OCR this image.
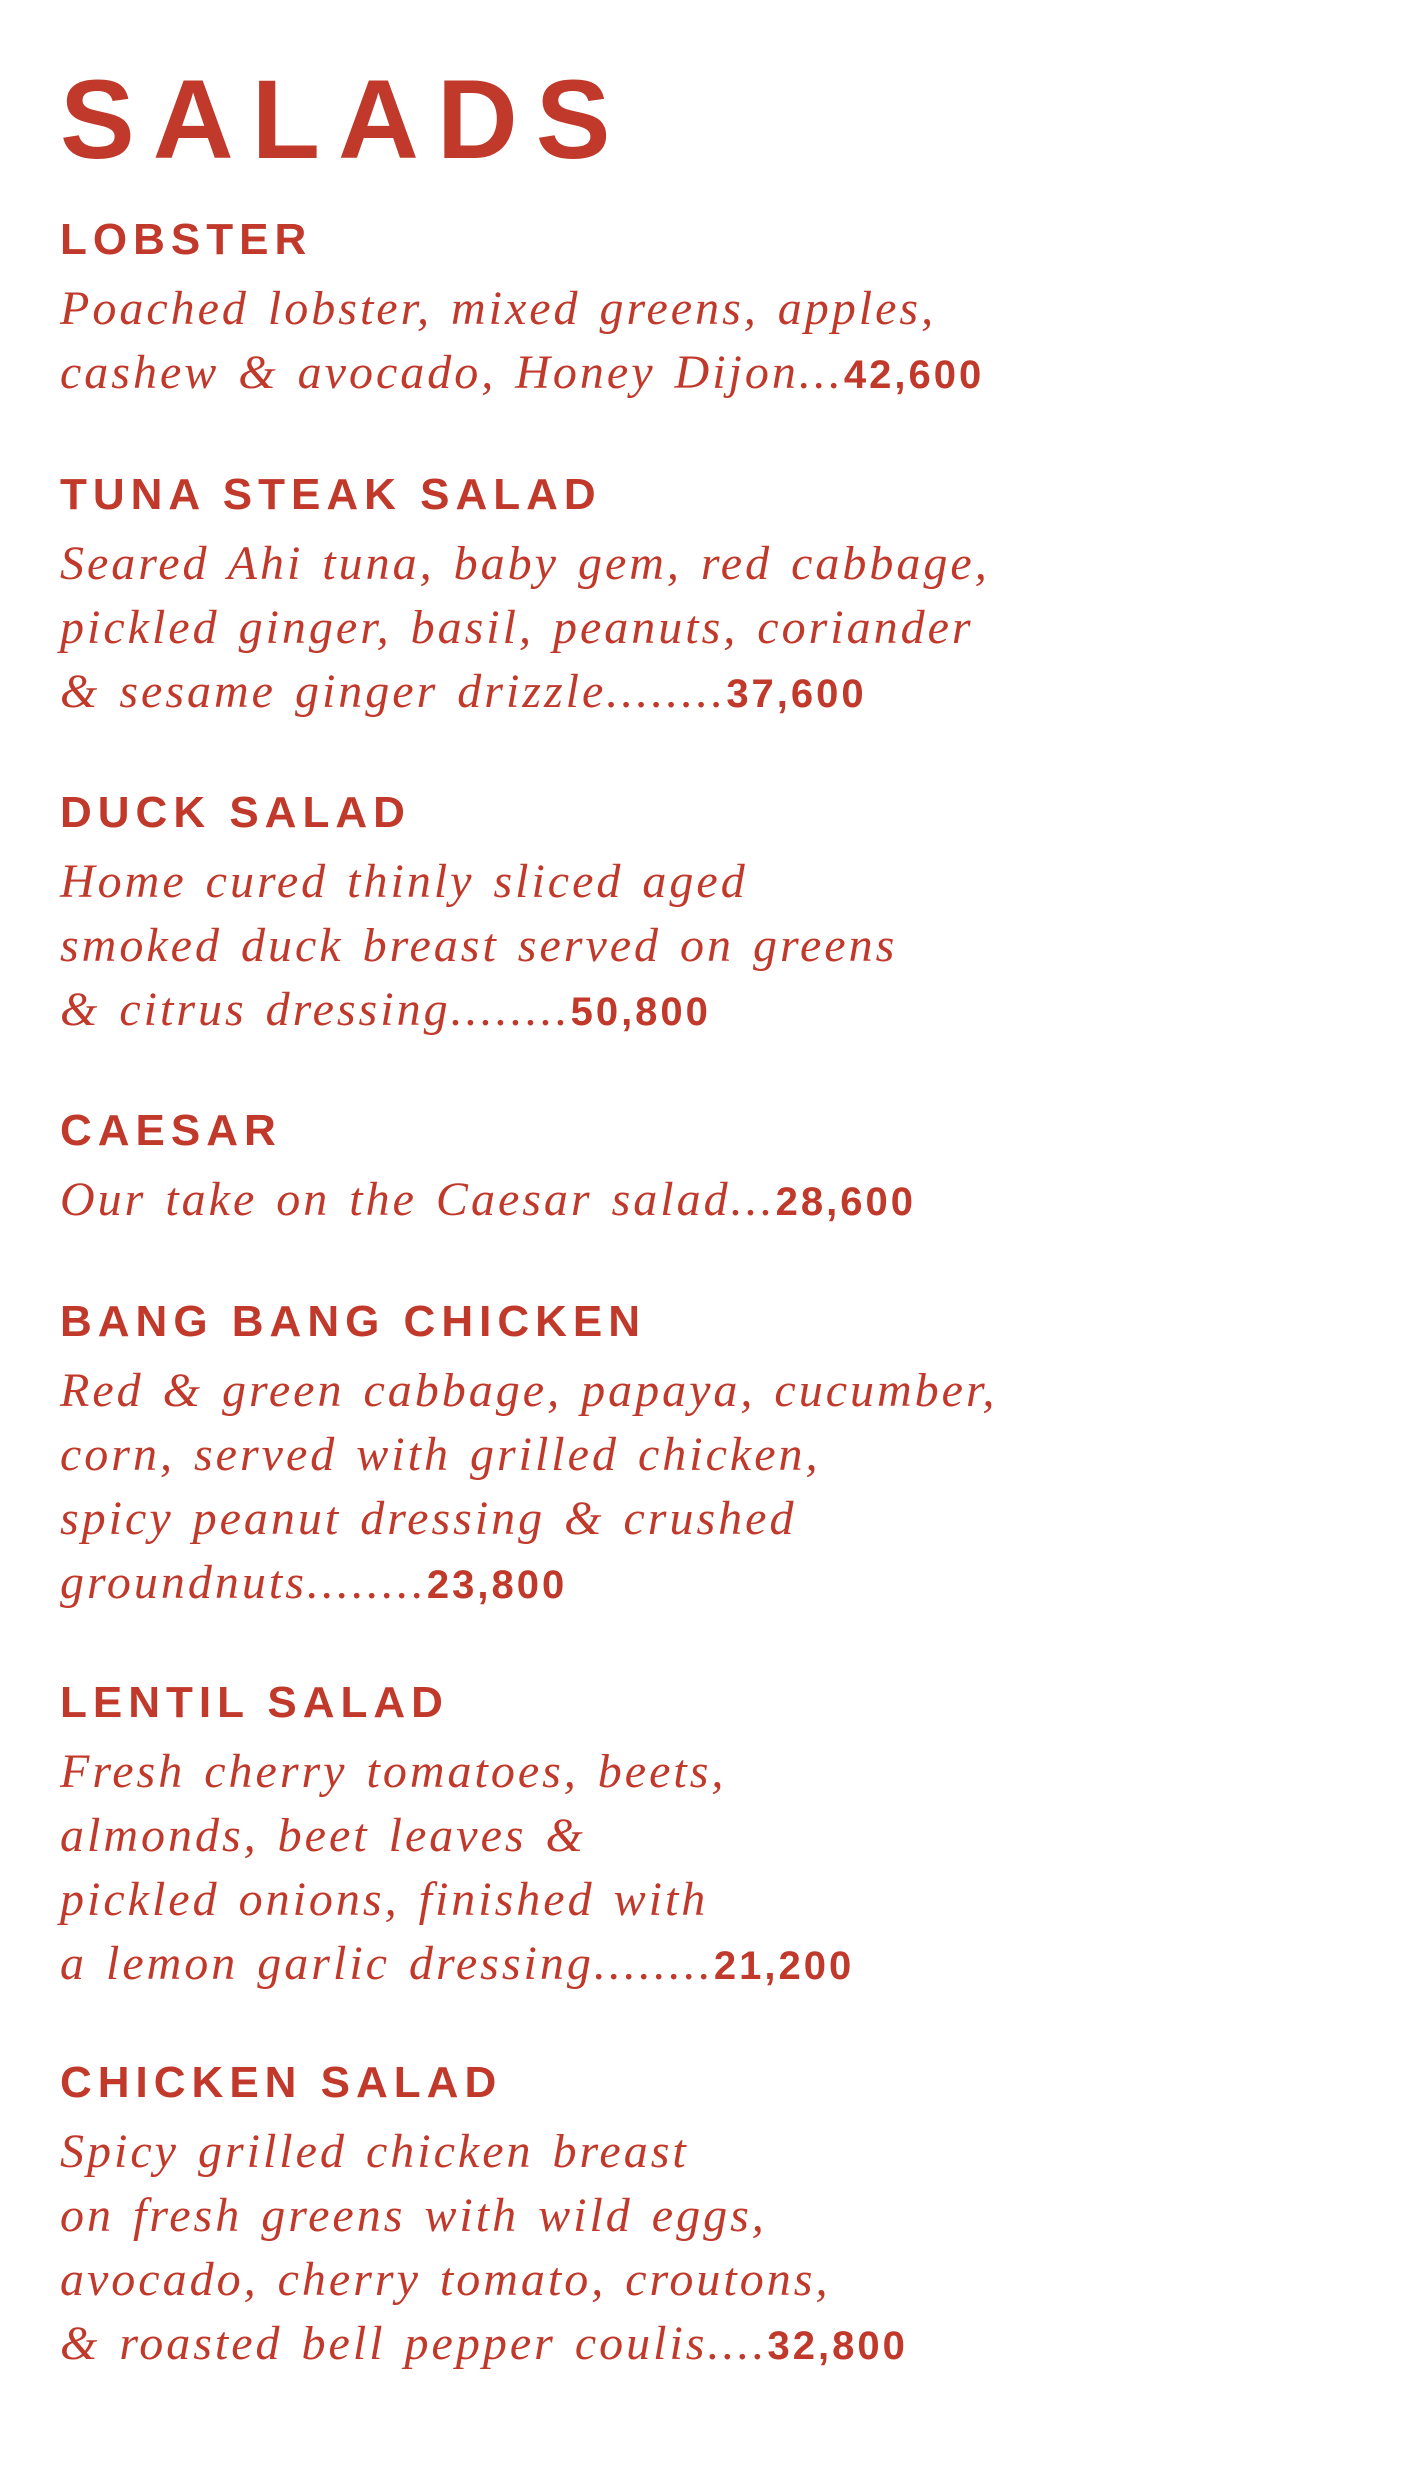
SALADS
LOBSTER

Poached lobster, mixed greens, apples,
cashew & avocado, Honey Dijon...42,600

TUNA STEAK SALAD

Seared Ahi tuna, baby gem, red cabbage,
pickled ginger, basil, peanuts, coriander
& sesame ginger drizzle........37,600

DUCK SALAD

Home cured thinly sliced aged
smoked duck breast served on greens
& citrus dressing........50,800

CAESAR

Our take on the Caesar salad...28,600

BANG BANG CHICKEN

Red & green cabbage, papaya, cucumber,
corn, served with grilled chicken,
spicy peanut dressing & crushed
groundnuts........23,800

LENTIL SALAD

Fresh cherry tomatoes, beets,
almonds, beet leaves &
pickled onions, finished with
a lemon garlic dressing........21,200

CHICKEN SALAD

Spicy grilled chicken breast
on fresh greens with wild eggs,
avocado, cherry tomato, croutons,
& roasted bell pepper coulis....32,800
